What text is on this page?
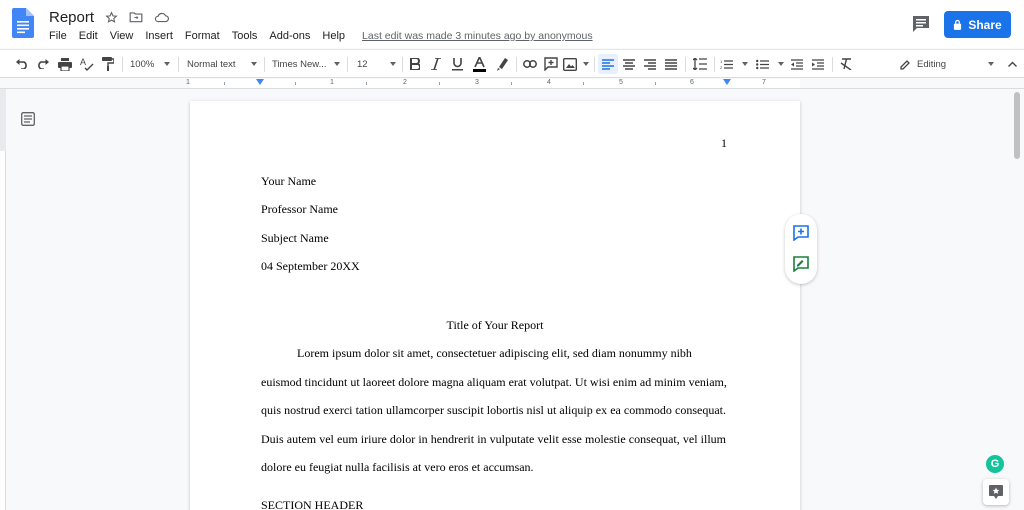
Report
File	Edit	View	Insert	Format	Tools	Add-ons	Help	Last edit was made 3 minutes ago by anonymous
Share
A	100%	Normal text	Times New...	12	1
2	Editing
1	1	2	3	4	5	6	7
1
Your Name
Professor Name
Subject Name
04 September 20XX
Title of Your Report
Lorem ipsum dolor sit amet, consectetuer adipiscing elit, sed diam nonummy nibh
euismod tincidunt ut laoreet dolore magna aliquam erat volutpat. Ut wisi enim ad minim veniam,
quis nostrud exerci tation ullamcorper suscipit lobortis nisl ut aliquip ex ea commodo consequat.
Duis autem vel eum iriure dolor in hendrerit in vulputate velit esse molestie consequat, vel illum
dolore eu feugiat nulla facilisis at vero eros et accumsan.
SECTION HEADER
G
